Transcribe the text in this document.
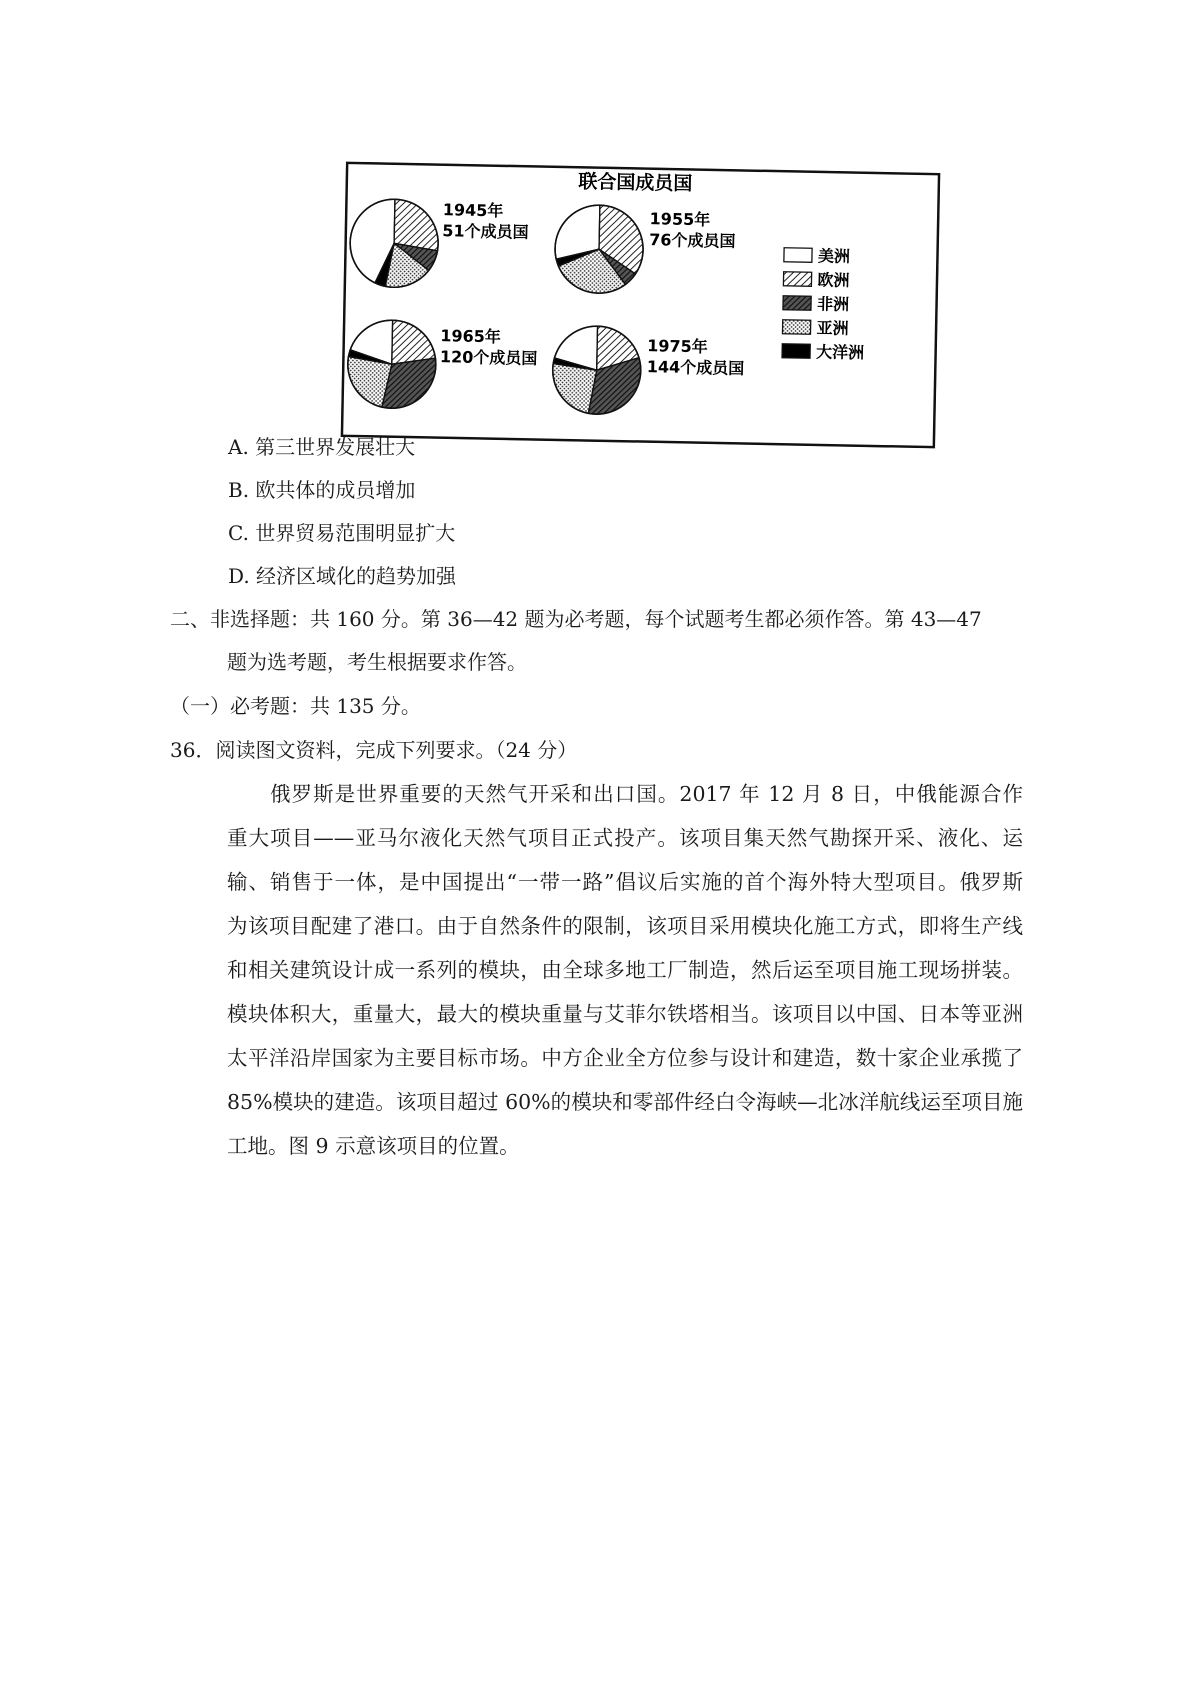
联合国成员国
1945年
51个成员国
1955年
76个成员国
1965年
120个成员国
1975年
144个成员国
美洲
欧洲
非洲
亚洲
大洋洲
A. 第三世界发展壮大
B. 欧共体的成员增加
C. 世界贸易范围明显扩大
D. 经济区域化的趋势加强
二、非选择题：共 160 分。第 36—42 题为必考题，每个试题考生都必须作答。第 43—47
题为选考题，考生根据要求作答。
（一）必考题：共 135 分。
36．阅读图文资料，完成下列要求。（24 分）
俄罗斯是世界重要的天然气开采和出口国。2017 年 12 月 8 日，中俄能源合作
重大项目——亚马尔液化天然气项目正式投产。该项目集天然气勘探开采、液化、运
输、销售于一体，是中国提出“一带一路”倡议后实施的首个海外特大型项目。俄罗斯
为该项目配建了港口。由于自然条件的限制，该项目采用模块化施工方式，即将生产线
和相关建筑设计成一系列的模块，由全球多地工厂制造，然后运至项目施工现场拼装。
模块体积大，重量大，最大的模块重量与艾菲尔铁塔相当。该项目以中国、日本等亚洲
太平洋沿岸国家为主要目标市场。中方企业全方位参与设计和建造，数十家企业承揽了
85%模块的建造。该项目超过 60%的模块和零部件经白令海峡—北冰洋航线运至项目施
工地。图 9 示意该项目的位置。
